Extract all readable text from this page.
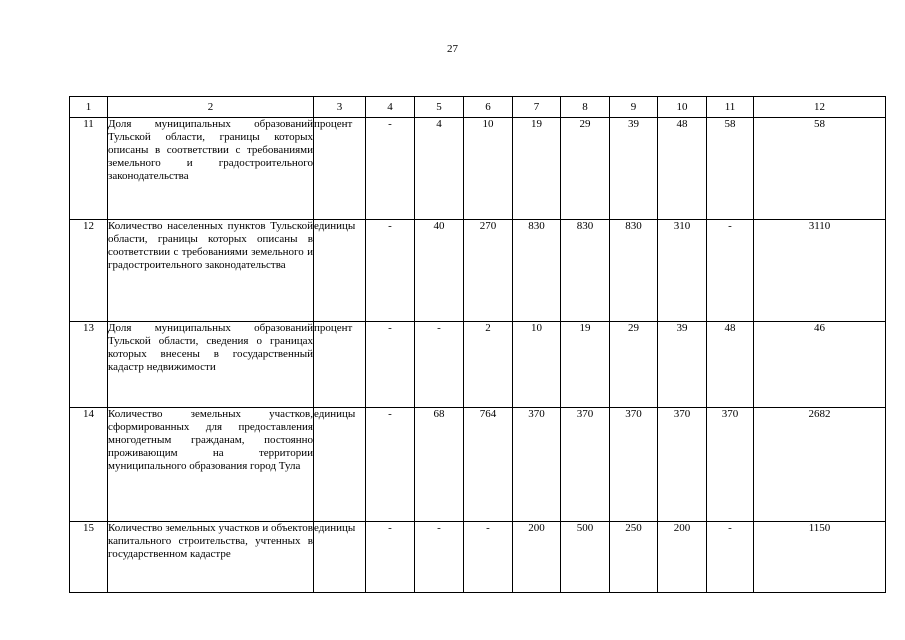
27
1	2	3	4	5	6	7	8	9	10	11	12
11	Доля муниципальных образований Тульской области, границы которых описаны в соответствии с требованиями земельного и градостроительного законодательства	процент	-	4	10	19	29	39	48	58	58
12	Количество населенных пунктов Тульской области, границы которых описаны в соответствии с требованиями земельного и градостроительного законодательства	единицы	-	40	270	830	830	830	310	-	3110
13	Доля муниципальных образований Тульской области, сведения о границах которых внесены в государственный кадастр недвижимости	процент	-	-	2	10	19	29	39	48	46
14	Количество земельных участков, сформированных для предоставления многодетным гражданам, постоянно проживающим на территории муниципального образования город Тула	единицы	-	68	764	370	370	370	370	370	2682
15	Количество земельных участков и объектов капитального строительства, учтенных в государственном кадастре	единицы	-	-	-	200	500	250	200	-	1150
